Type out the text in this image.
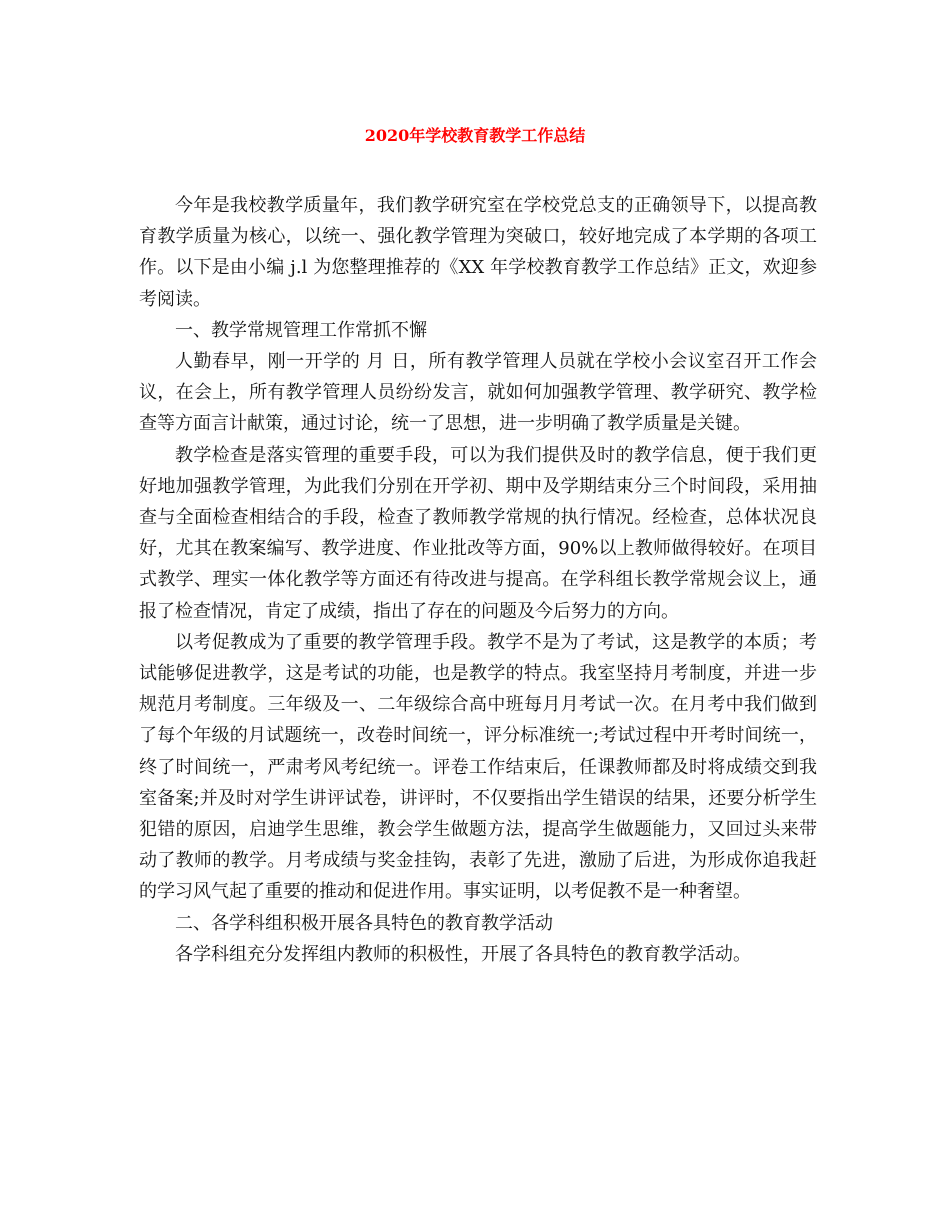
2020年学校教育教学工作总结

今年是我校教学质量年，我们教学研究室在学校党总支的正确领导下，以提高教育教学质量为核心，以统一、强化教学管理为突破口，较好地完成了本学期的各项工作。以下是由小编 j.l 为您整理推荐的《XX 年学校教育教学工作总结》正文，欢迎参考阅读。

一、教学常规管理工作常抓不懈

人勤春早，刚一开学的 月 日，所有教学管理人员就在学校小会议室召开工作会议，在会上，所有教学管理人员纷纷发言，就如何加强教学管理、教学研究、教学检查等方面言计献策，通过讨论，统一了思想，进一步明确了教学质量是关键。

教学检查是落实管理的重要手段，可以为我们提供及时的教学信息，便于我们更好地加强教学管理，为此我们分别在开学初、期中及学期结束分三个时间段，采用抽查与全面检查相结合的手段，检查了教师教学常规的执行情况。经检查，总体状况良好，尤其在教案编写、教学进度、作业批改等方面，90%以上教师做得较好。在项目式教学、理实一体化教学等方面还有待改进与提高。在学科组长教学常规会议上，通报了检查情况，肯定了成绩，指出了存在的问题及今后努力的方向。

以考促教成为了重要的教学管理手段。教学不是为了考试，这是教学的本质；考试能够促进教学，这是考试的功能，也是教学的特点。我室坚持月考制度，并进一步规范月考制度。三年级及一、二年级综合高中班每月月考试一次。在月考中我们做到了每个年级的月试题统一，改卷时间统一，评分标准统一;考试过程中开考时间统一，终了时间统一，严肃考风考纪统一。评卷工作结束后，任课教师都及时将成绩交到我室备案;并及时对学生讲评试卷，讲评时，不仅要指出学生错误的结果，还要分析学生犯错的原因，启迪学生思维，教会学生做题方法，提高学生做题能力，又回过头来带动了教师的教学。月考成绩与奖金挂钩，表彰了先进，激励了后进，为形成你追我赶的学习风气起了重要的推动和促进作用。事实证明，以考促教不是一种奢望。

二、各学科组积极开展各具特色的教育教学活动

各学科组充分发挥组内教师的积极性，开展了各具特色的教育教学活动。
